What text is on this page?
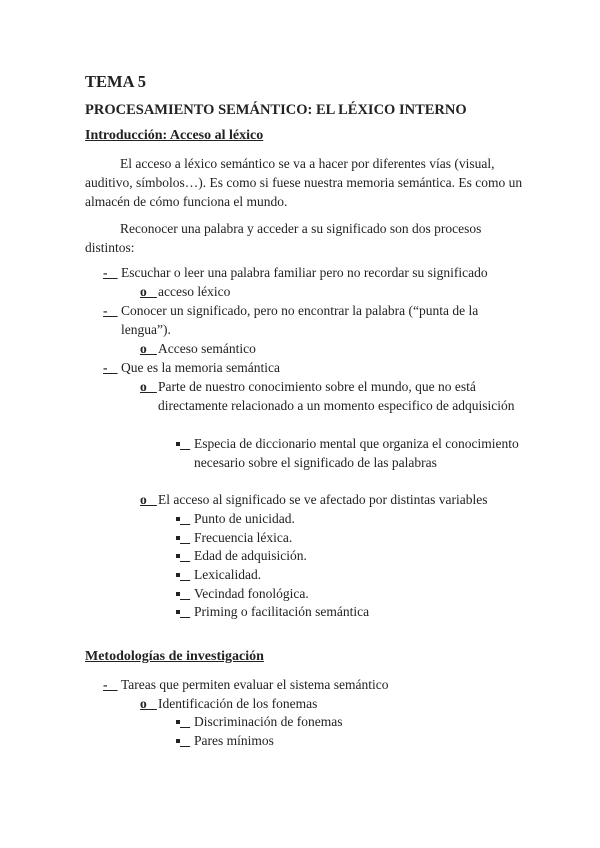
TEMA 5
PROCESAMIENTO SEMÁNTICO: EL LÉXICO INTERNO
Introducción: Acceso al léxico
El acceso a léxico semántico se va a hacer por diferentes vías (visual, auditivo, símbolos…). Es como si fuese nuestra memoria semántica. Es como un almacén de cómo funciona el mundo.
Reconocer una palabra y acceder a su significado son dos procesos distintos:
- Escuchar o leer una palabra familiar pero no recordar su significado
o acceso léxico
- Conocer un significado, pero no encontrar la palabra (“punta de la lengua”).
o Acceso semántico
- Que es la memoria semántica
o Parte de nuestro conocimiento sobre el mundo, que no está directamente relacionado a un momento especifico de adquisición

Especia de diccionario mental que organiza el conocimiento necesario sobre el significado de las palabras
o El acceso al significado se ve afectado por distintas variables

Punto de unicidad.

Frecuencia léxica.

Edad de adquisición.

Lexicalidad.

Vecindad fonológica.

Priming o facilitación semántica
Metodologías de investigación
- Tareas que permiten evaluar el sistema semántico
o Identificación de los fonemas

Discriminación de fonemas

Pares mínimos
